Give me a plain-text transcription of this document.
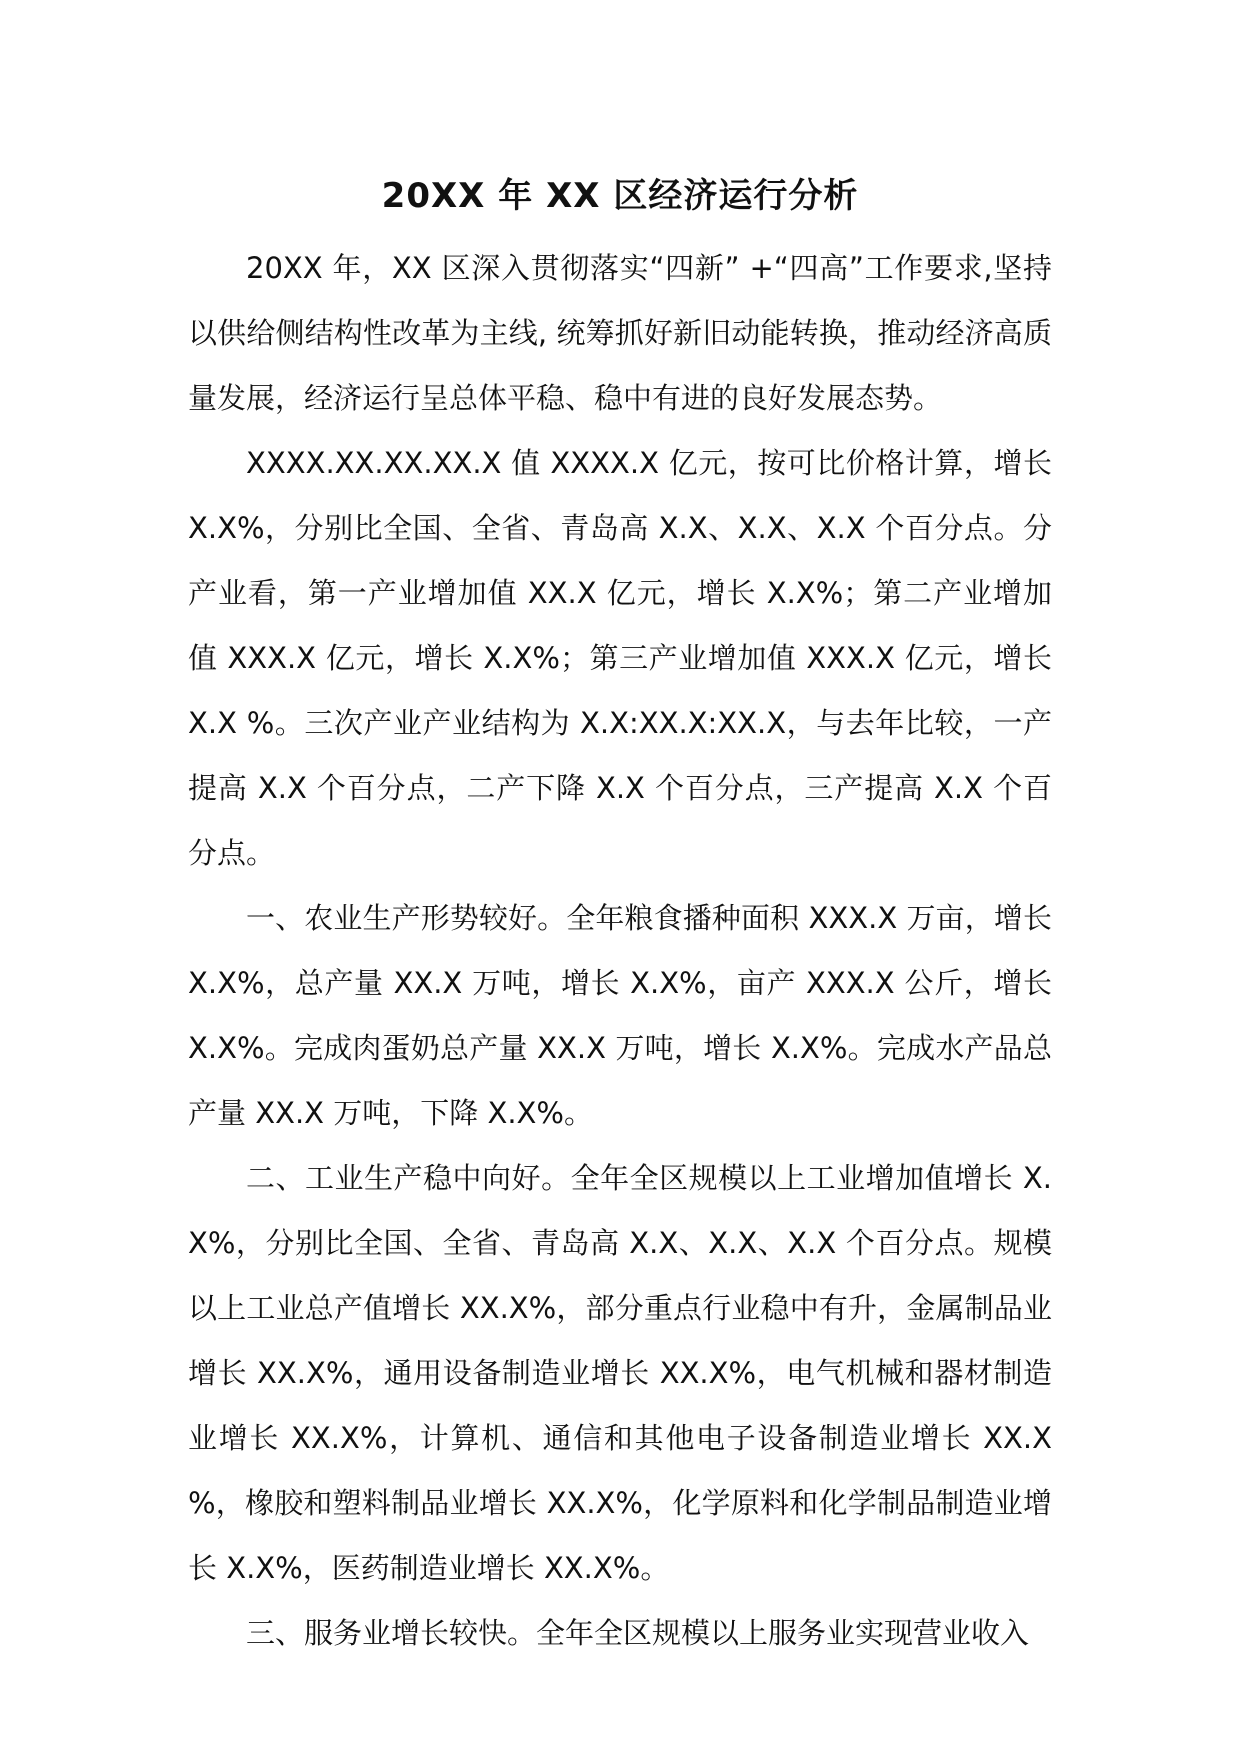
20XX 年 XX 区经济运行分析

20XX 年，XX 区深入贯彻落实“四新” +“四高”工作要求,坚持以供给侧结构性改革为主线, 统筹抓好新旧动能转换，推动经济高质量发展，经济运行呈总体平稳、稳中有进的良好发展态势。

XXXX.XX.XX.XX.X 值 XXXX.X 亿元，按可比价格计算，增长 X.X%，分别比全国、全省、青岛高 X.X、X.X、X.X 个百分点。分产业看，第一产业增加值 XX.X 亿元，增长 X.X%；第二产业增加值 XXX.X 亿元，增长 X.X%；第三产业增加值 XXX.X 亿元，增长 X.X %。三次产业产业结构为 X.X:XX.X:XX.X，与去年比较，一产提高 X.X 个百分点，二产下降 X.X 个百分点，三产提高 X.X 个百分点。

一、农业生产形势较好。全年粮食播种面积 XXX.X 万亩，增长 X.X%，总产量 XX.X 万吨，增长 X.X%，亩产 XXX.X 公斤，增长 X.X%。完成肉蛋奶总产量 XX.X 万吨，增长 X.X%。完成水产品总产量 XX.X 万吨，下降 X.X%。

二、工业生产稳中向好。全年全区规模以上工业增加值增长 X.X%，分别比全国、全省、青岛高 X.X、X.X、X.X 个百分点。规模以上工业总产值增长 XX.X%，部分重点行业稳中有升，金属制品业增长 XX.X%，通用设备制造业增长 XX.X%，电气机械和器材制造业增长 XX.X%，计算机、通信和其他电子设备制造业增长 XX.X %，橡胶和塑料制品业增长 XX.X%，化学原料和化学制品制造业增长 X.X%，医药制造业增长 XX.X%。

三、服务业增长较快。全年全区规模以上服务业实现营业收入
